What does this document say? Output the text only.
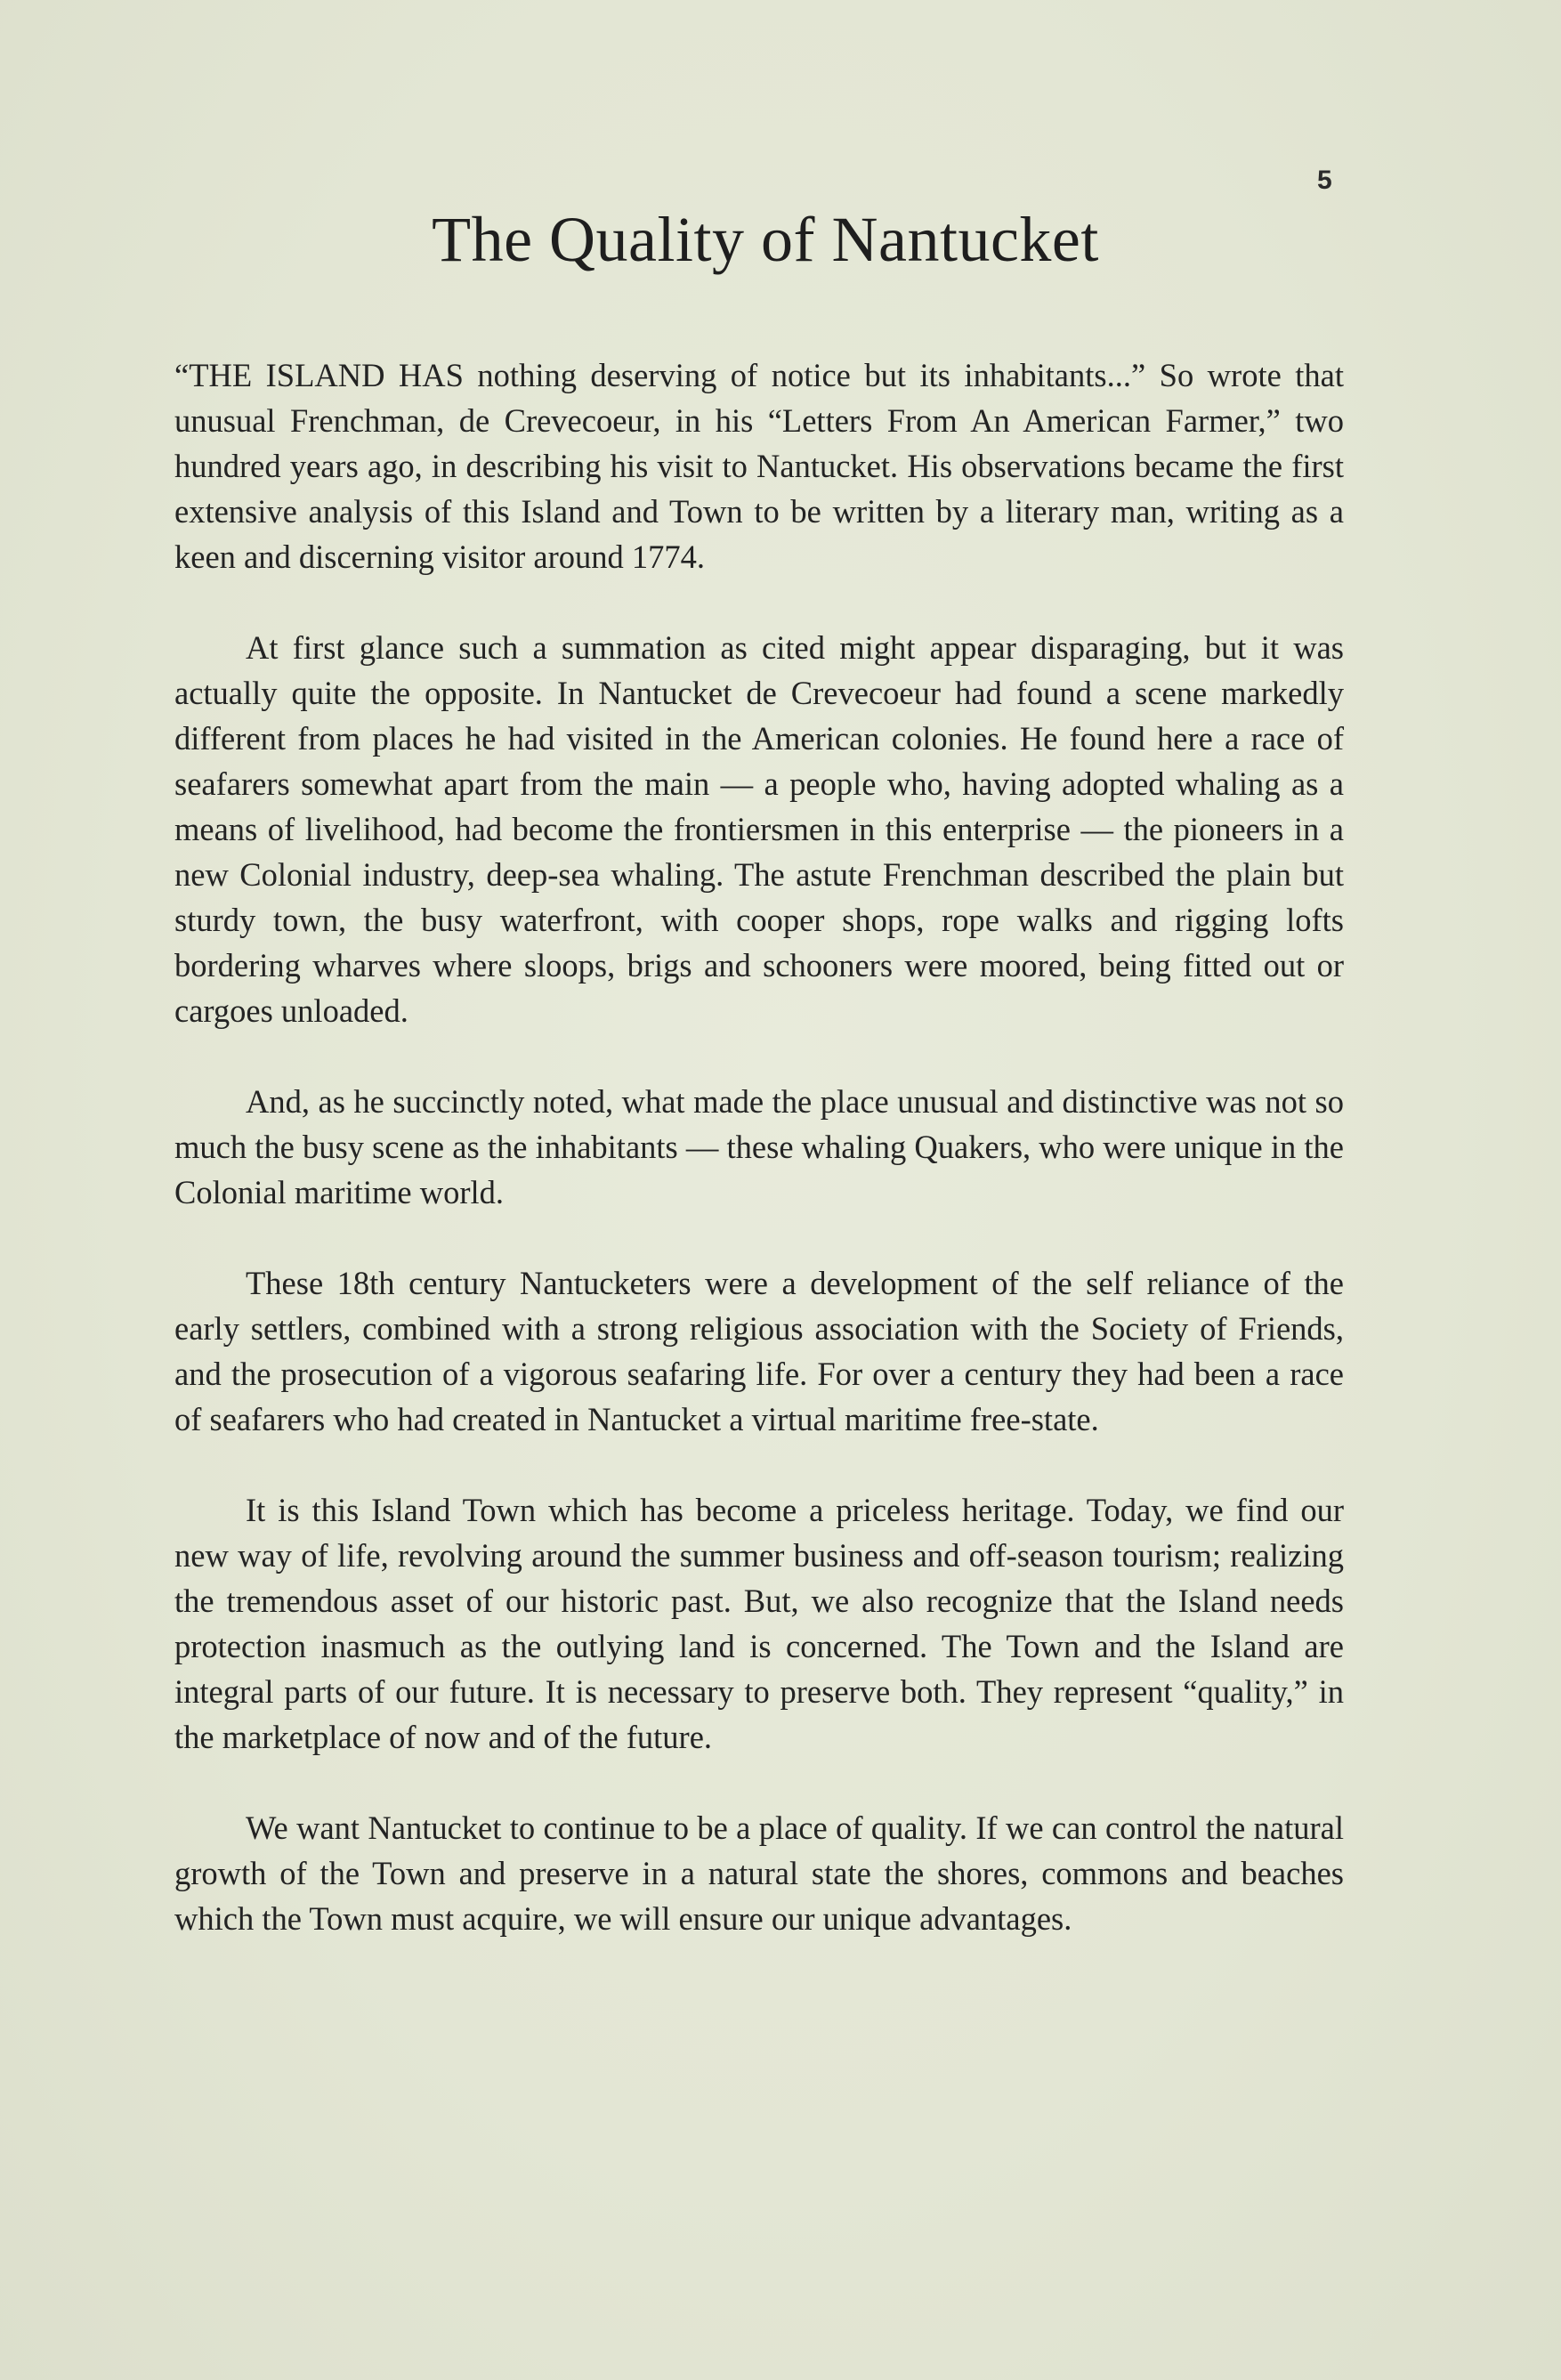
5
The Quality of Nantucket

“THE ISLAND HAS nothing deserving of notice but its inhabitants...” So wrote that unusual Frenchman, de Crevecoeur, in his “Letters From An American Farmer,” two hundred years ago, in describing his visit to Nantucket. His observations became the first extensive analysis of this Island and Town to be written by a literary man, writing as a keen and discerning visitor around 1774.

At first glance such a summation as cited might appear disparaging, but it was actually quite the opposite. In Nantucket de Crevecoeur had found a scene markedly different from places he had visited in the American colonies. He found here a race of seafarers somewhat apart from the main — a people who, having adopted whaling as a means of livelihood, had become the frontiersmen in this enterprise — the pioneers in a new Colonial industry, deep-sea whaling. The astute Frenchman described the plain but sturdy town, the busy waterfront, with cooper shops, rope walks and rigging lofts bordering wharves where sloops, brigs and schooners were moored, being fitted out or cargoes unloaded.

And, as he succinctly noted, what made the place unusual and distinctive was not so much the busy scene as the inhabitants — these whaling Quakers, who were unique in the Colonial maritime world.

These 18th century Nantucketers were a development of the self reliance of the early settlers, combined with a strong religious association with the Society of Friends, and the prosecution of a vigorous seafaring life. For over a century they had been a race of seafarers who had created in Nantucket a virtual maritime free-state.

It is this Island Town which has become a priceless heritage. Today, we find our new way of life, revolving around the summer business and off-season tourism; realizing the tremendous asset of our historic past. But, we also recognize that the Island needs protection inasmuch as the outlying land is concerned. The Town and the Island are integral parts of our future. It is necessary to preserve both. They represent “quality,” in the marketplace of now and of the future.

We want Nantucket to continue to be a place of quality. If we can control the natural growth of the Town and preserve in a natural state the shores, commons and beaches which the Town must acquire, we will ensure our unique advantages.
